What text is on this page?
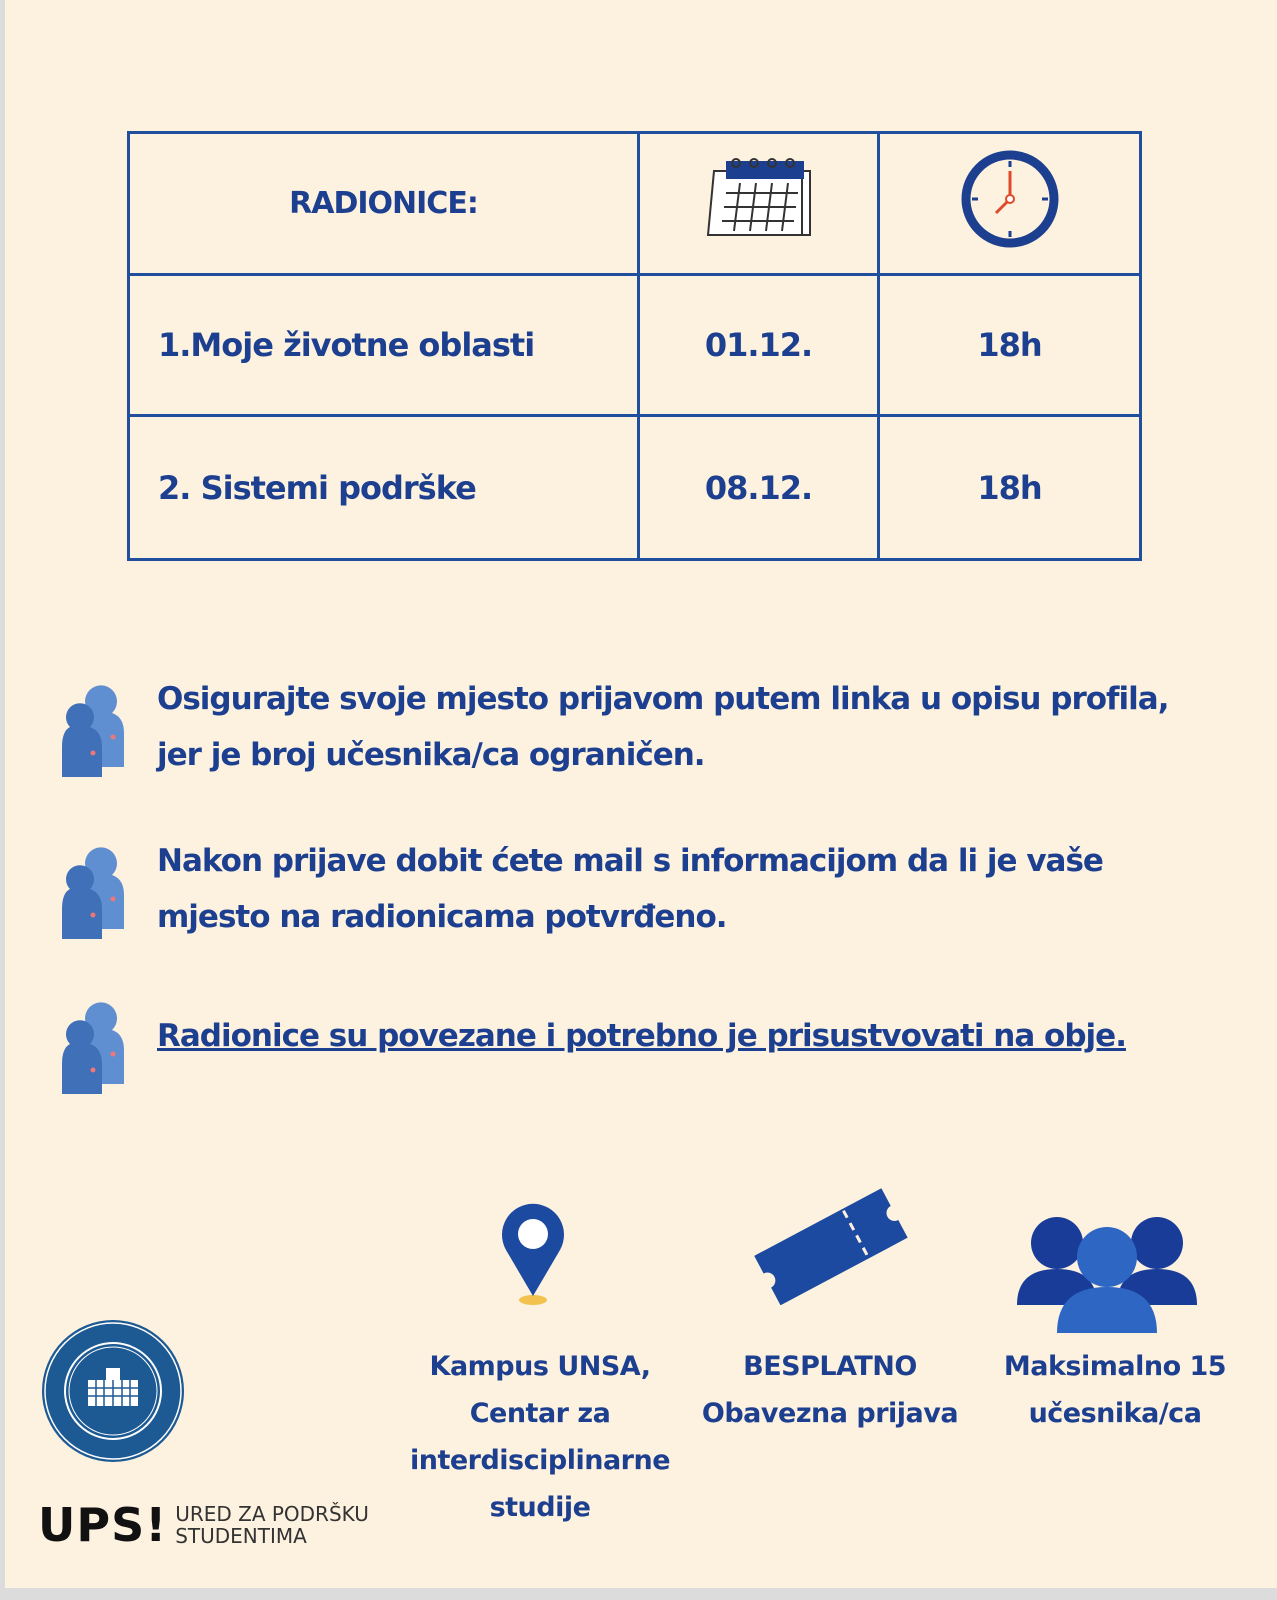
RADIONICE:		
1.Moje životne oblasti	01.12.	18h
2. Sistemi podrške	08.12.	18h
Osigurajte svoje mjesto prijavom putem linka u opisu profila,
jer je broj učesnika/ca ograničen.
Nakon prijave dobit ćete mail s informacijom da li je vaše
mjesto na radionicama potvrđeno.
Radionice su povezane i potrebno je prisustvovati na obje.
Kampus UNSA,
Centar za
interdisciplinarne
studije
BESPLATNO
Obavezna prijava
Maksimalno 15
učesnika/ca
UPS! URED ZA PODRŠKU
STUDENTIMA
